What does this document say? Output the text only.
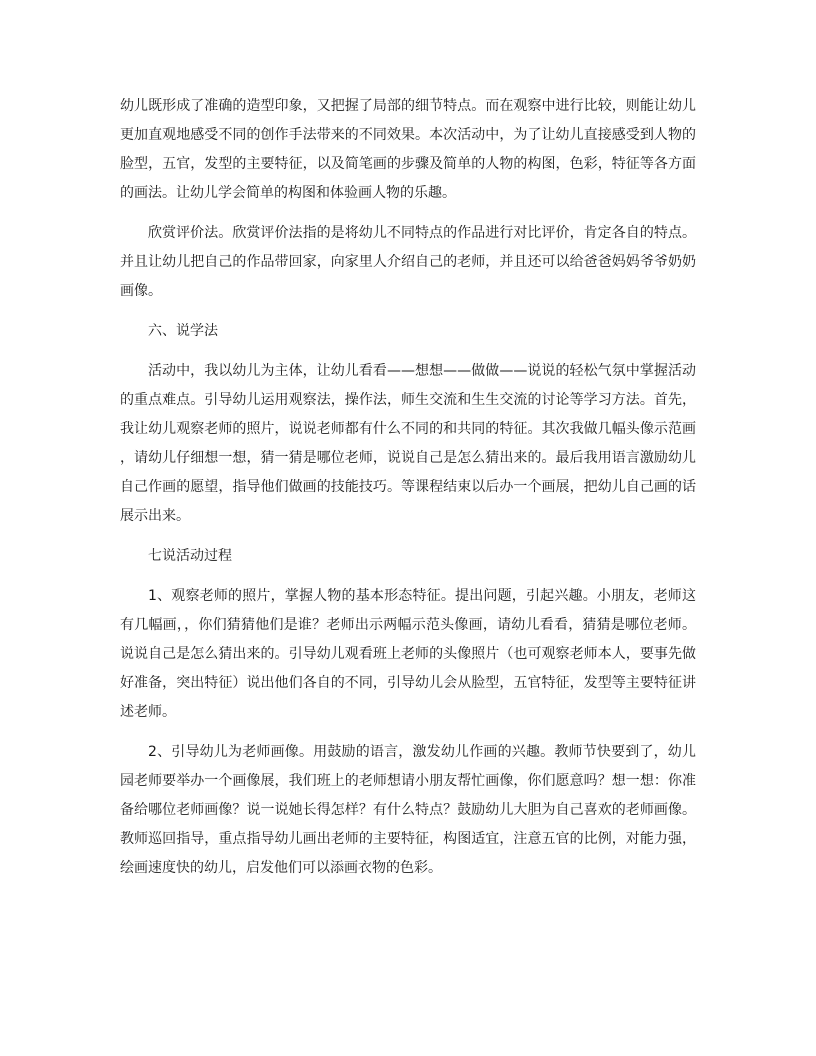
幼儿既形成了准确的造型印象，又把握了局部的细节特点。而在观察中进行比较，则能让幼儿更加直观地感受不同的创作手法带来的不同效果。本次活动中，为了让幼儿直接感受到人物的脸型，五官，发型的主要特征，以及简笔画的步骤及简单的人物的构图，色彩，特征等各方面的画法。让幼儿学会简单的构图和体验画人物的乐趣。

欣赏评价法。欣赏评价法指的是将幼儿不同特点的作品进行对比评价，肯定各自的特点。并且让幼儿把自己的作品带回家，向家里人介绍自己的老师，并且还可以给爸爸妈妈爷爷奶奶画像。

六、说学法

活动中，我以幼儿为主体，让幼儿看看——想想——做做——说说的轻松气氛中掌握活动的重点难点。引导幼儿运用观察法，操作法，师生交流和生生交流的讨论等学习方法。首先，我让幼儿观察老师的照片，说说老师都有什么不同的和共同的特征。其次我做几幅头像示范画，请幼儿仔细想一想，猜一猜是哪位老师，说说自己是怎么猜出来的。最后我用语言激励幼儿自己作画的愿望，指导他们做画的技能技巧。等课程结束以后办一个画展，把幼儿自己画的话展示出来。

七说活动过程

1、观察老师的照片，掌握人物的基本形态特征。提出问题，引起兴趣。小朋友，老师这有几幅画，，你们猜猜他们是谁？老师出示两幅示范头像画，请幼儿看看，猜猜是哪位老师。说说自己是怎么猜出来的。引导幼儿观看班上老师的头像照片（也可观察老师本人，要事先做好准备，突出特征）说出他们各自的不同，引导幼儿会从脸型，五官特征，发型等主要特征讲述老师。

2、引导幼儿为老师画像。用鼓励的语言，激发幼儿作画的兴趣。教师节快要到了，幼儿园老师要举办一个画像展，我们班上的老师想请小朋友帮忙画像，你们愿意吗？想一想：你准备给哪位老师画像？说一说她长得怎样？有什么特点？鼓励幼儿大胆为自己喜欢的老师画像。教师巡回指导，重点指导幼儿画出老师的主要特征，构图适宜，注意五官的比例，对能力强，绘画速度快的幼儿，启发他们可以添画衣物的色彩。
